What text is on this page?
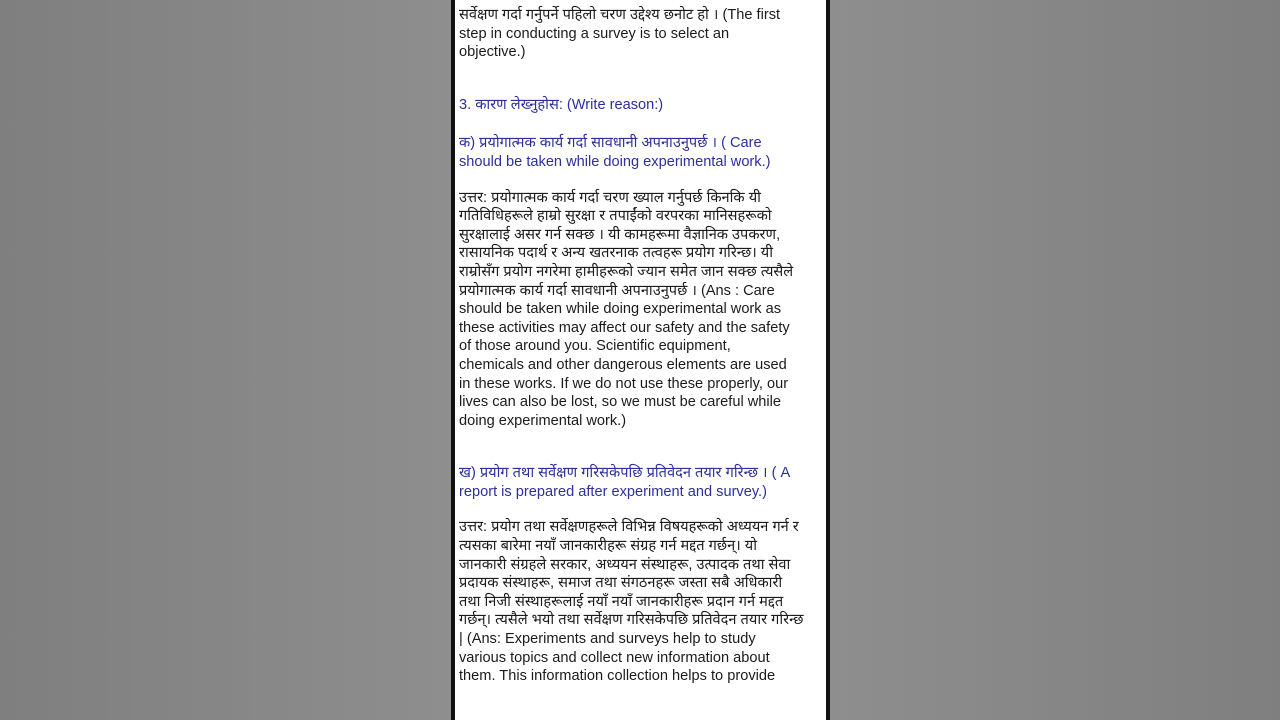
सर्वेक्षण गर्दा गर्नुपर्ने पहिलो चरण उद्देश्य छनोट हो । (The first

step in conducting a survey is to select an

objective.)

3. कारण लेख्नुहोस: (Write reason:)

क) प्रयोगात्मक कार्य गर्दा सावधानी अपनाउनुपर्छ । ( Care

should be taken while doing experimental work.)

उत्तर: प्रयोगात्मक कार्य गर्दा चरण ख्याल गर्नुपर्छ किनकि यी

गतिविधिहरूले हाम्रो सुरक्षा र तपाईंको वरपरका मानिसहरूको

सुरक्षालाई असर गर्न सक्छ । यी कामहरूमा वैज्ञानिक उपकरण,

रासायनिक पदार्थ र अन्य खतरनाक तत्वहरू प्रयोग गरिन्छ। यी

राम्रोसँग प्रयोग नगरेमा हामीहरूको ज्यान समेत जान सक्छ त्यसैले

प्रयोगात्मक कार्य गर्दा सावधानी अपनाउनुपर्छ । (Ans : Care

should be taken while doing experimental work as

these activities may affect our safety and the safety

of those around you. Scientific equipment,

chemicals and other dangerous elements are used

in these works. If we do not use these properly, our

lives can also be lost, so we must be careful while

doing experimental work.)

ख) प्रयोग तथा सर्वेक्षण गरिसकेपछि प्रतिवेदन तयार गरिन्छ । ( A

report is prepared after experiment and survey.)

उत्तर: प्रयोग तथा सर्वेक्षणहरूले विभिन्न विषयहरूको अध्ययन गर्न र

त्यसका बारेमा नयाँ जानकारीहरू संग्रह गर्न मद्दत गर्छन्। यो

जानकारी संग्रहले सरकार, अध्ययन संस्थाहरू, उत्पादक तथा सेवा

प्रदायक संस्थाहरू, समाज तथा संगठनहरू जस्ता सबै अधिकारी

तथा निजी संस्थाहरूलाई नयाँ नयाँ जानकारीहरू प्रदान गर्न मद्दत

गर्छन्। त्यसैले भयो तथा सर्वेक्षण गरिसकेपछि प्रतिवेदन तयार गरिन्छ

| (Ans: Experiments and surveys help to study

various topics and collect new information about

them. This information collection helps to provide
